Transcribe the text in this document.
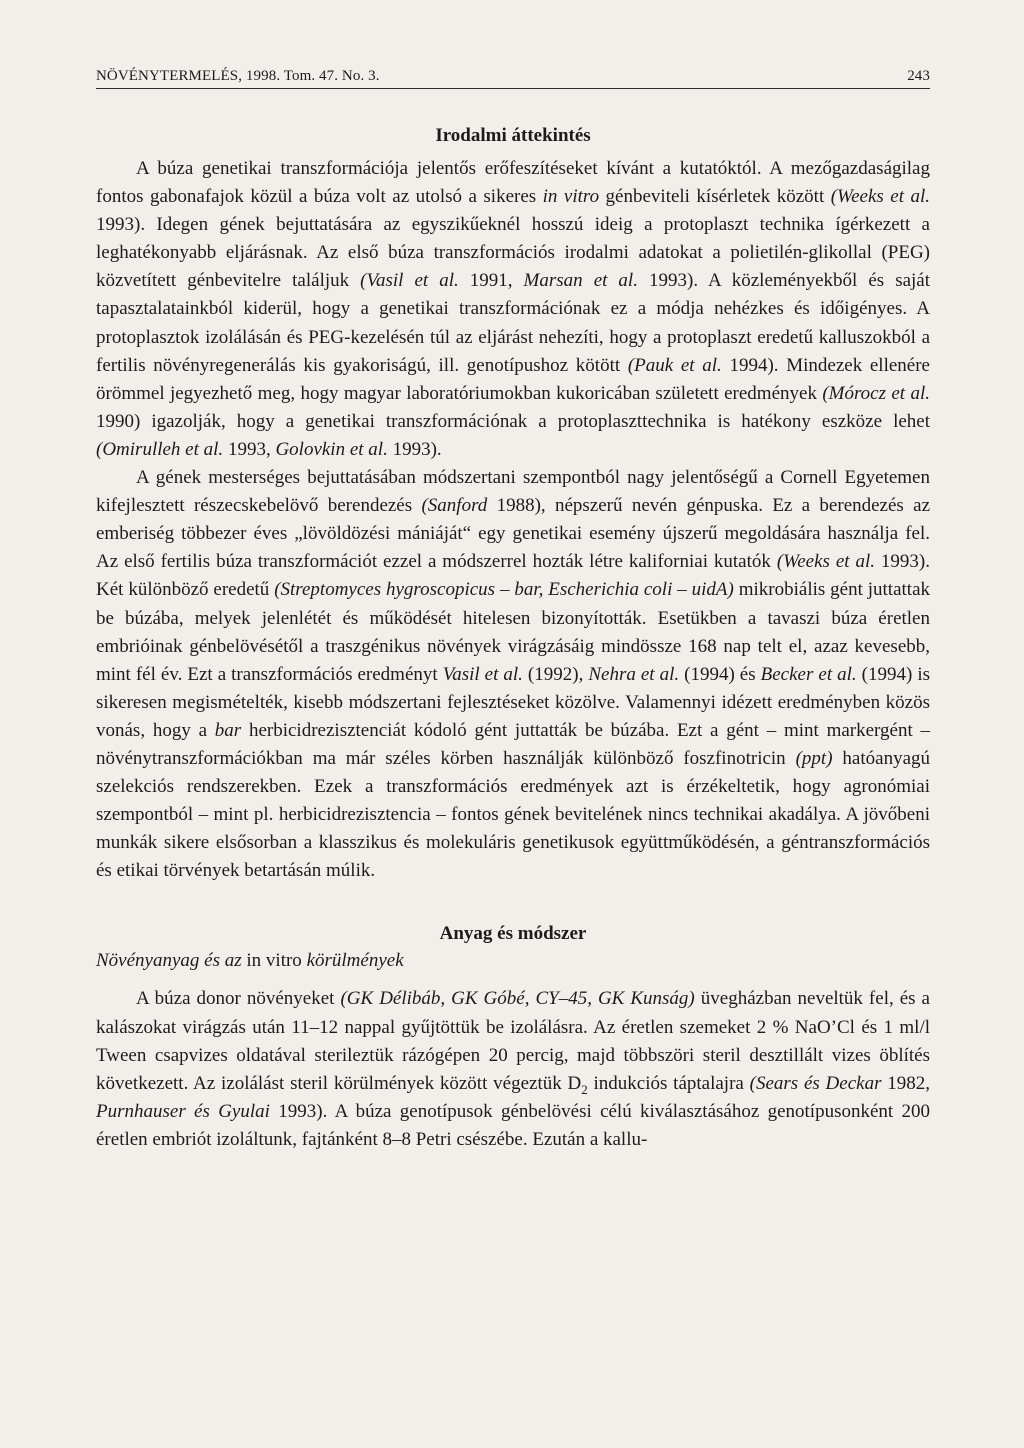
NÖVÉNYTERMELÉS, 1998. Tom. 47. No. 3.	243
Irodalmi áttekintés

A búza genetikai transzformációja jelentős erőfeszítéseket kívánt a kutatóktól. A mezőgazdaságilag fontos gabonafajok közül a búza volt az utolsó a sikeres in vitro génbeviteli kísérletek között (Weeks et al. 1993). Idegen gének bejuttatására az egyszikűeknél hosszú ideig a protoplaszt technika ígérkezett a leghatékonyabb eljárásnak. Az első búza transzformációs irodalmi adatokat a polietilén-glikollal (PEG) közvetített génbevitelre találjuk (Vasil et al. 1991, Marsan et al. 1993). A közleményekből és saját tapasztalatainkból kiderül, hogy a genetikai transzformációnak ez a módja nehézkes és időigényes. A protoplasztok izolálásán és PEG-kezelésén túl az eljárást nehezíti, hogy a protoplaszt eredetű kalluszokból a fertilis növényregenerálás kis gyakoriságú, ill. genotípushoz kötött (Pauk et al. 1994). Mindezek ellenére örömmel jegyezhető meg, hogy magyar laboratóriumokban kukoricában született eredmények (Mórocz et al. 1990) igazolják, hogy a genetikai transzformációnak a protoplaszttechnika is hatékony eszköze lehet (Omirulleh et al. 1993, Golovkin et al. 1993).

A gének mesterséges bejuttatásában módszertani szempontból nagy jelentőségű a Cornell Egyetemen kifejlesztett részecskebelövő berendezés (Sanford 1988), népszerű nevén génpuska. Ez a berendezés az emberiség többezer éves „lövöldözési mániáját“ egy genetikai esemény újszerű megoldására használja fel. Az első fertilis búza transzformációt ezzel a módszerrel hozták létre kaliforniai kutatók (Weeks et al. 1993). Két különböző eredetű (Streptomyces hygroscopicus – bar, Escherichia coli – uidA) mikrobiális gént juttattak be búzába, melyek jelenlétét és működését hitelesen bizonyították. Esetükben a tavaszi búza éretlen embrióinak génbelövésétől a traszgénikus növények virágzásáig mindössze 168 nap telt el, azaz kevesebb, mint fél év. Ezt a transzformációs eredményt Vasil et al. (1992), Nehra et al. (1994) és Becker et al. (1994) is sikeresen megismételték, kisebb módszertani fejlesztéseket közölve. Valamennyi idézett eredményben közös vonás, hogy a bar herbicidrezisztenciát kódoló gént juttatták be búzába. Ezt a gént – mint markergént – növénytranszformációkban ma már széles körben használják különböző foszfinotricin (ppt) hatóanyagú szelekciós rendszerekben. Ezek a transzformációs eredmények azt is érzékeltetik, hogy agronómiai szempontból – mint pl. herbicidrezisztencia – fontos gének bevitelének nincs technikai akadálya. A jövőbeni munkák sikere elsősorban a klasszikus és molekuláris genetikusok együttműködésén, a géntranszformációs és etikai törvények betartásán múlik.

Anyag és módszer
Növényanyag és az in vitro körülmények

A búza donor növényeket (GK Délibáb, GK Góbé, CY–45, GK Kunság) üvegházban neveltük fel, és a kalászokat virágzás után 11–12 nappal gyűjtöttük be izolálásra. Az éretlen szemeket 2 % NaO’Cl és 1 ml/l Tween csapvizes oldatával sterileztük rázógépen 20 percig, majd többszöri steril desztillált vizes öblítés következett. Az izolálást steril körülmények között végeztük $D_2$ indukciós táptalajra (Sears és Deckar 1982, Purnhauser és Gyulai 1993). A búza genotípusok génbelövési célú kiválasztásához genotípusonként 200 éretlen embriót izoláltunk, fajtánként 8–8 Petri csészébe. Ezután a kallu-
